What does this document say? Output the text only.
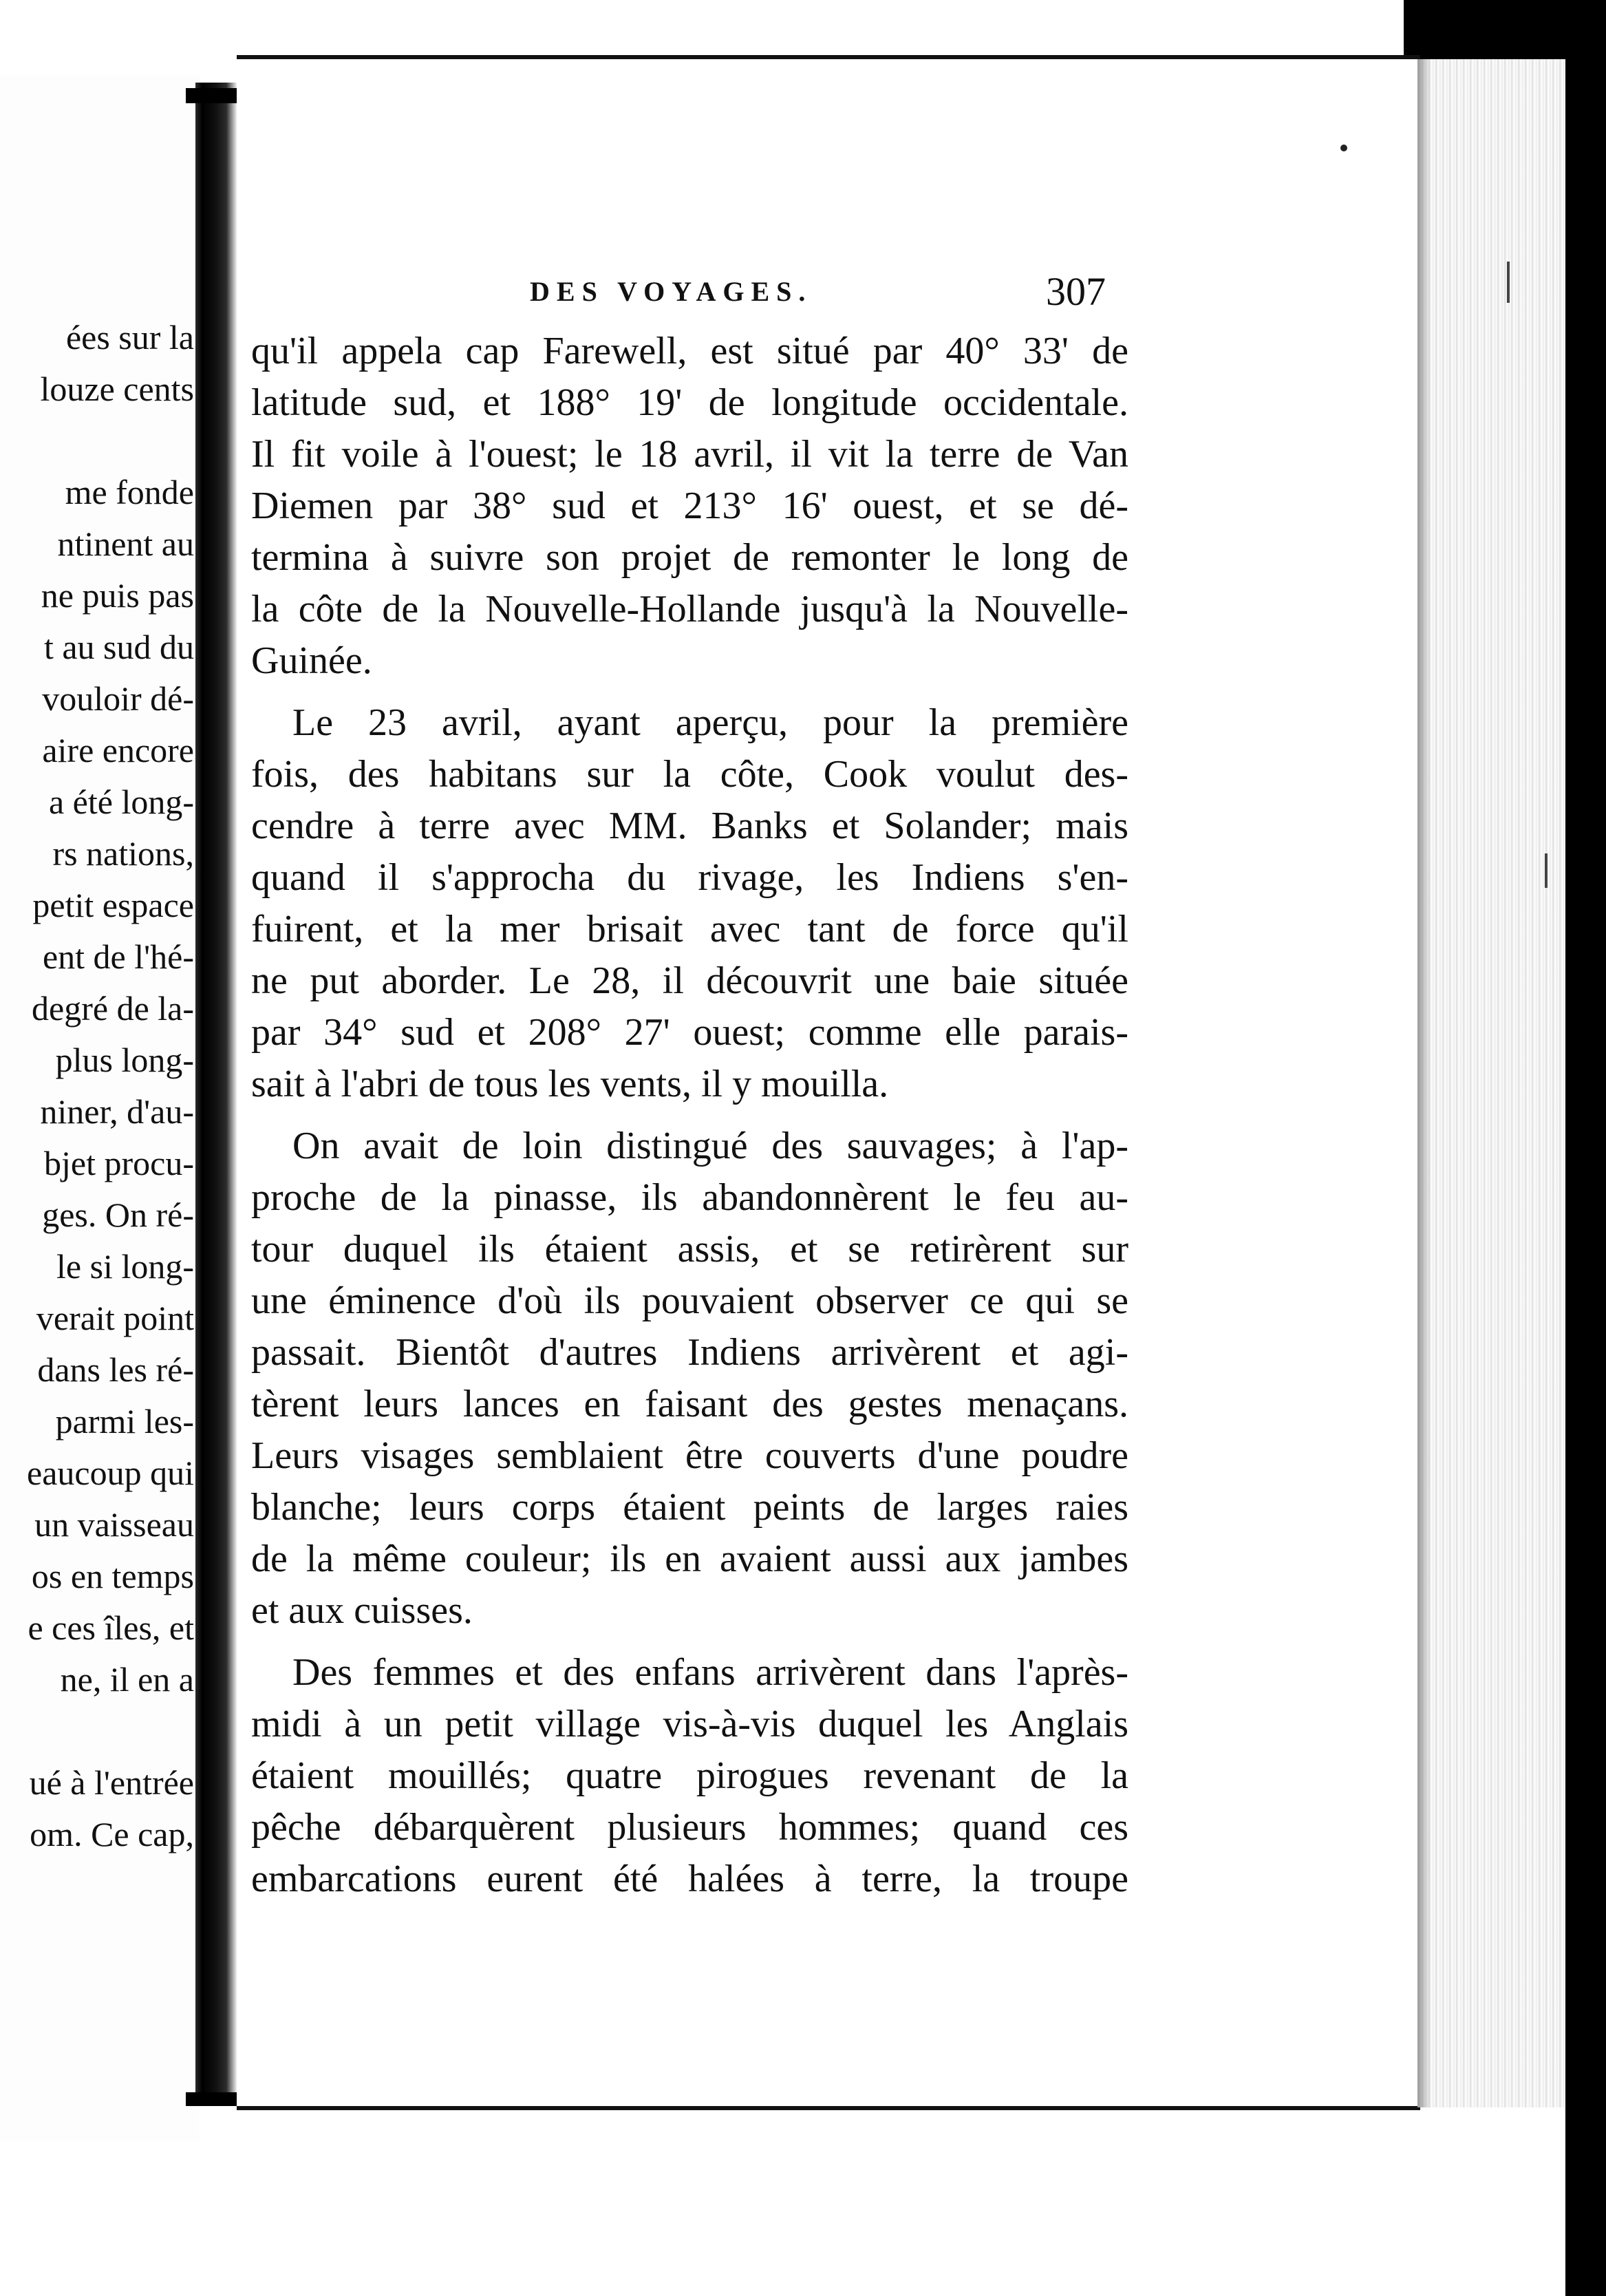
ées sur la
louze cents
me fonde
ntinent au
ne puis pas
t au sud du
vouloir dé-
aire encore
a été long-
rs nations,
petit espace
ent de l'hé-
degré de la-
plus long-
niner, d'au-
bjet procu-
ges. On ré-
le si long-
verait point
dans les ré-
parmi les-
eaucoup qui
un vaisseau
os en temps
e ces îles, et
ne, il en a
ué à l'entrée
om. Ce cap,
DES VOYAGES.	307
qu'il appela cap Farewell, est situé par 40° 33' de
latitude sud, et 188° 19' de longitude occidentale.
Il fit voile à l'ouest; le 18 avril, il vit la terre de Van
Diemen par 38° sud et 213° 16' ouest, et se dé-
termina à suivre son projet de remonter le long de
la côte de la Nouvelle-Hollande jusqu'à la Nouvelle-
Guinée.
Le 23 avril, ayant aperçu, pour la première
fois, des habitans sur la côte, Cook voulut des-
cendre à terre avec MM. Banks et Solander; mais
quand il s'approcha du rivage, les Indiens s'en-
fuirent, et la mer brisait avec tant de force qu'il
ne put aborder. Le 28, il découvrit une baie située
par 34° sud et 208° 27' ouest; comme elle parais-
sait à l'abri de tous les vents, il y mouilla.
On avait de loin distingué des sauvages; à l'ap-
proche de la pinasse, ils abandonnèrent le feu au-
tour duquel ils étaient assis, et se retirèrent sur
une éminence d'où ils pouvaient observer ce qui se
passait. Bientôt d'autres Indiens arrivèrent et agi-
tèrent leurs lances en faisant des gestes menaçans.
Leurs visages semblaient être couverts d'une poudre
blanche; leurs corps étaient peints de larges raies
de la même couleur; ils en avaient aussi aux jambes
et aux cuisses.
Des femmes et des enfans arrivèrent dans l'après-
midi à un petit village vis-à-vis duquel les Anglais
étaient mouillés; quatre pirogues revenant de la
pêche débarquèrent plusieurs hommes; quand ces
embarcations eurent été halées à terre, la troupe
